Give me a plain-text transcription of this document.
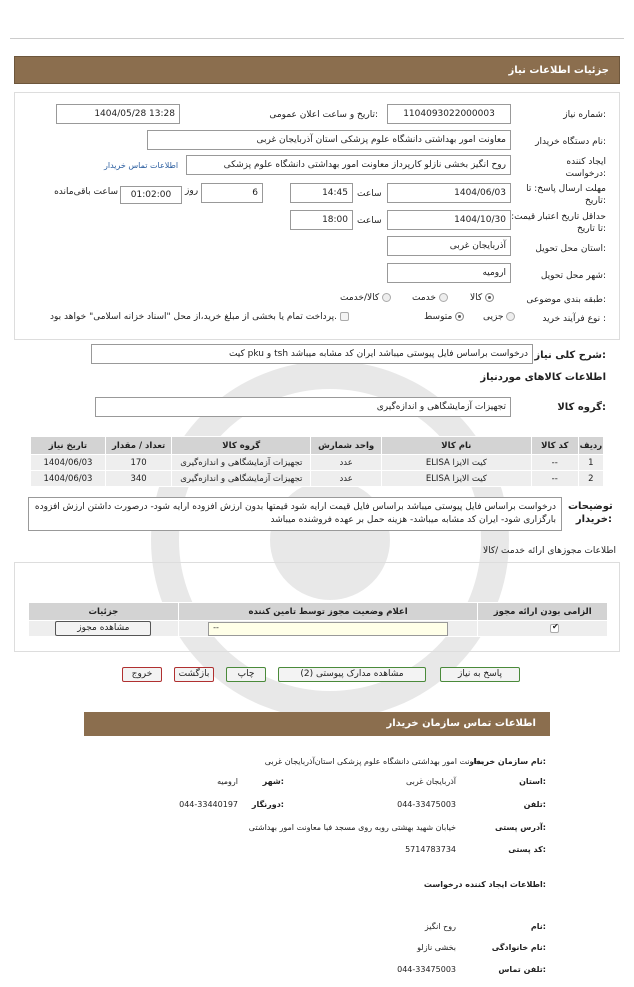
جزئیات اطلاعات نیاز
شماره نیاز:
1104093022000003
تاریخ و ساعت اعلان عمومی:
1404/05/28 13:28
نام دستگاه خریدار:
معاونت امور بهداشتی دانشگاه علوم پزشکی استان آذربایجان غربی
ایجاد کننده درخواست:
روح انگیز بخشی نازلو کارپرداز معاونت امور بهداشتی دانشگاه علوم پزشکی
اطلاعات تماس خریدار
مهلت ارسال پاسخ: تا تاریخ:
1404/06/03
ساعت
14:45
6
روز
01:02:00
ساعت باقی‌مانده
حداقل تاریخ اعتبار قیمت: تا تاریخ:
1404/10/30
ساعت
18:00
استان محل تحویل:
آذربایجان غربی
شهر محل تحویل:
ارومیه
طبقه بندی موضوعی:
کالا
خدمت
کالا/خدمت
نوع فرآیند خرید :
جزیی
متوسط
پرداخت تمام یا بخشی از مبلغ خرید،از محل "اسناد خزانه اسلامی" خواهد بود.
شرح کلی نیاز:
کیت pku و tsh درخواست براساس فایل پیوستی میباشد ایران کد مشابه میباشد
اطلاعات کالاهای موردنیاز
گروه کالا:
تجهیزات آزمایشگاهی و اندازه‌گیری
ردیف	کد کالا	نام کالا	واحد شمارش	گروه کالا	تعداد / مقدار	تاریخ نیاز
1	--	کیت الایزا ELISA	عدد	تجهیزات آزمایشگاهی و اندازه‌گیری	170	1404/06/03
2	--	کیت الایزا ELISA	عدد	تجهیزات آزمایشگاهی و اندازه‌گیری	340	1404/06/03
توضیحات خریدار:
درخواست براساس فایل پیوستی میباشد براساس فایل قیمت ارایه شود قیمتها بدون ارزش افزوده ارایه شود- درصورت داشتن ارزش افزوده بارگزاری شود- ایران کد مشابه میباشد- هزینه حمل بر عهده فروشنده میباشد
اطلاعات مجوزهای ارائه خدمت /کالا
الزامی بودن ارائه مجوز	اعلام وضعیت مجوز توسط تامین کننده	جزئیات

✔	--	مشاهده مجوز
پاسخ به نیاز
مشاهده مدارک پیوستی (2)
چاپ
بازگشت
خروج
اطلاعات تماس سازمان خریدار
نام سازمان خریدار:
معاونت امور بهداشتی دانشگاه علوم پزشکی استان‌آذربایجان غربی
استان:
آذربایجان غربی
شهر:
ارومیه
تلفن:
044-33475003
دورنگار:
044-33440197
آدرس پستی:
خیابان شهید بهشتی روبه روی مسجد فبا معاونت امور بهداشتی
کد پستی:
5714783734
اطلاعات ایجاد کننده درخواست:
نام:
روح انگیز
نام خانوادگی:
بخشی نازلو
تلفن تماس:
044-33475003
